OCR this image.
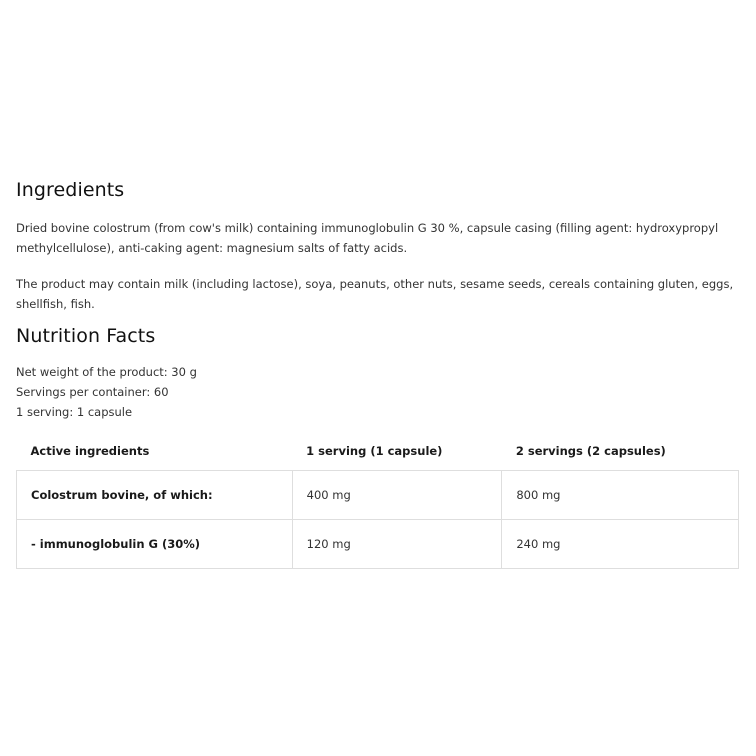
Ingredients

Dried bovine colostrum (from cow's milk) containing immunoglobulin G 30 %, capsule casing (filling agent: hydroxypropyl methylcellulose), anti-caking agent: magnesium salts of fatty acids.

The product may contain milk (including lactose), soya, peanuts, other nuts, sesame seeds, cereals containing gluten, eggs, shellfish, fish.

Nutrition Facts

Net weight of the product: 30 g

Servings per container: 60

1 serving: 1 capsule

Active ingredients	1 serving (1 capsule)	2 servings (2 capsules)
Colostrum bovine, of which:	400 mg	800 mg
- immunoglobulin G (30%)	120 mg	240 mg
